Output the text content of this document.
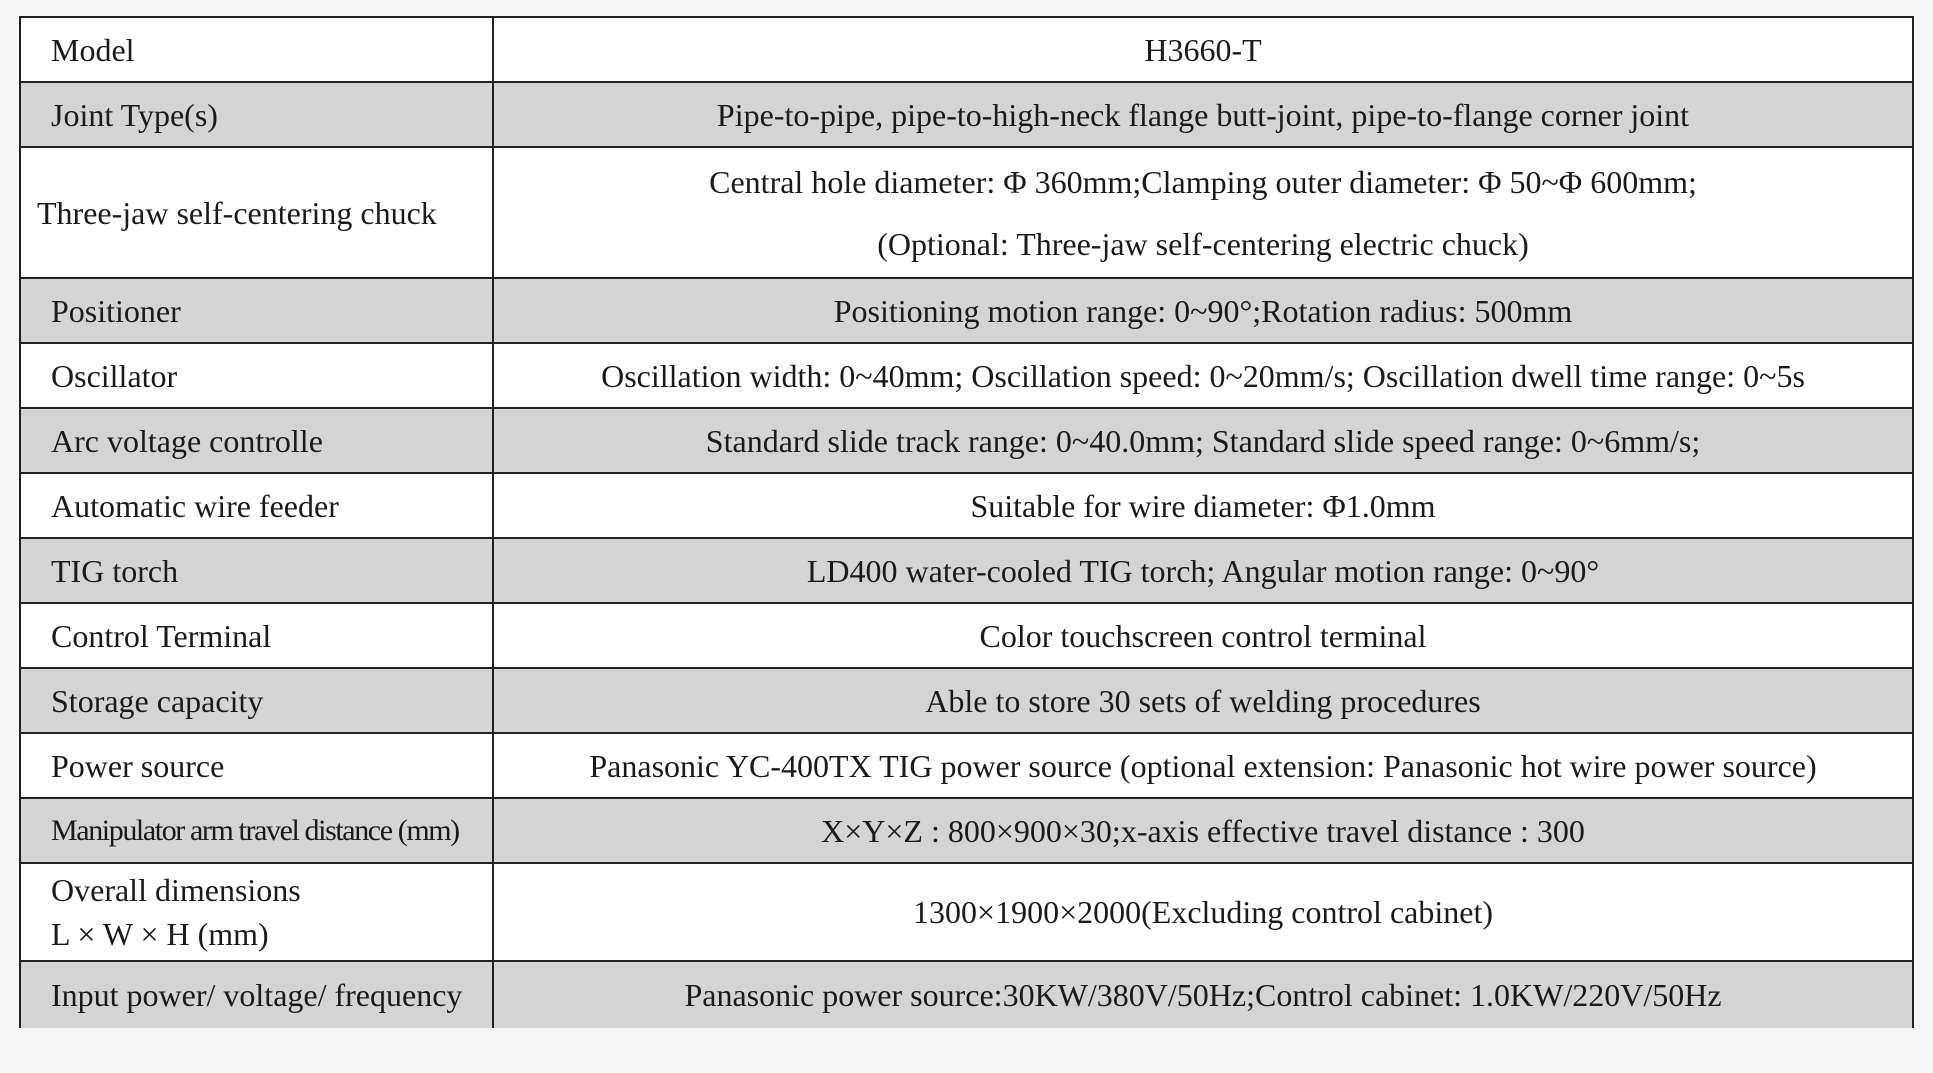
Model	H3660-T
Joint Type(s)	Pipe-to-pipe, pipe-to-high-neck flange butt-joint, pipe-to-flange corner joint
Three-jaw self-centering chuck	Central hole diameter: Φ 360mm;Clamping outer diameter: Φ 50~Φ 600mm;
(Optional: Three-jaw self-centering electric chuck)

Positioner	Positioning motion range: 0~90°;Rotation radius: 500mm
Oscillator	Oscillation width: 0~40mm; Oscillation speed: 0~20mm/s; Oscillation dwell time range: 0~5s
Arc voltage controlle	Standard slide track range: 0~40.0mm; Standard slide speed range: 0~6mm/s;
Automatic wire feeder	Suitable for wire diameter: Φ1.0mm
TIG torch	LD400 water-cooled TIG torch; Angular motion range: 0~90°
Control Terminal	Color touchscreen control terminal
Storage capacity	Able to store 30 sets of welding procedures
Power source	Panasonic YC-400TX TIG power source (optional extension: Panasonic hot wire power source)
Manipulator arm travel distance (mm)	X×Y×Z : 800×900×30;x-axis effective travel distance : 300

Overall dimensions
L × W × H (mm)	1300×1900×2000(Excluding control cabinet)
Input power/ voltage/ frequency	Panasonic power source:30KW/380V/50Hz;Control cabinet: 1.0KW/220V/50Hz
